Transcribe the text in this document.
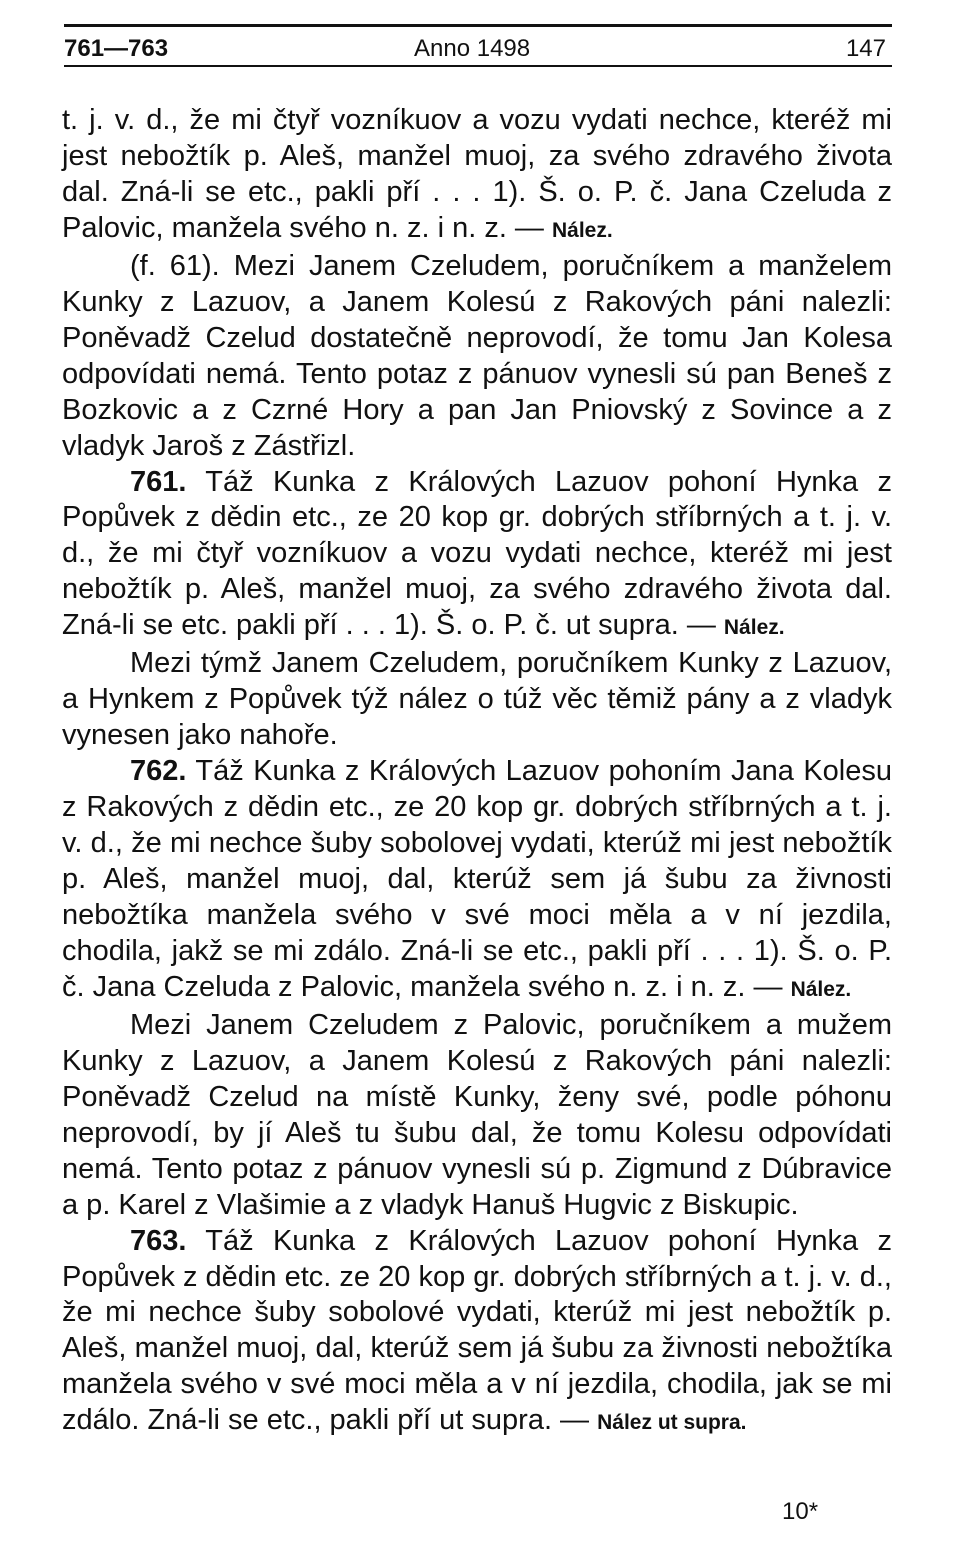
761—763	Anno 1498	147

t. j. v. d., že mi čtyř vozníkuov a vozu vydati nechce, kteréž mi jest nebožtík p. Aleš, manžel muoj, za svého zdravého života dal. Zná-li se etc., pakli pří . . . 1). Š. o. P. č. Jana Czeluda z Palovic, manžela svého n. z. i n. z. — Nález.

(f. 61). Mezi Janem Czeludem, poručníkem a manželem Kunky z Lazuov, a Janem Kolesú z Rakových páni nalezli: Poněvadž Czelud dostatečně neprovodí, že tomu Jan Kolesa odpovídati nemá. Tento potaz z pánuov vynesli sú pan Beneš z Bozkovic a z Czrné Hory a pan Jan Pniovský z Sovince a z vladyk Jaroš z Zástřizl.

761. Táž Kunka z Králových Lazuov pohoní Hynka z Popůvek z dědin etc., ze 20 kop gr. dobrých stříbrných a t. j. v. d., že mi čtyř vozníkuov a vozu vydati nechce, kteréž mi jest nebožtík p. Aleš, manžel muoj, za svého zdravého života dal. Zná-li se etc. pakli pří . . . 1). Š. o. P. č. ut supra. — Nález.

Mezi týmž Janem Czeludem, poručníkem Kunky z Lazuov, a Hynkem z Popůvek týž nález o túž věc těmiž pány a z vladyk vynesen jako nahoře.

762. Táž Kunka z Králových Lazuov pohoním Jana Kolesu z Rakových z dědin etc., ze 20 kop gr. dobrých stříbrných a t. j. v. d., že mi nechce šuby sobolovej vydati, kterúž mi jest nebožtík p. Aleš, manžel muoj, dal, kterúž sem já šubu za živnosti nebožtíka manžela svého v své moci měla a v ní jezdila, chodila, jakž se mi zdálo. Zná-li se etc., pakli pří . . . 1). Š. o. P. č. Jana Czeluda z Palovic, manžela svého n. z. i n. z. — Nález.

Mezi Janem Czeludem z Palovic, poručníkem a mužem Kunky z Lazuov, a Janem Kolesú z Rakových páni nalezli: Poněvadž Czelud na místě Kunky, ženy své, podle póhonu neprovodí, by jí Aleš tu šubu dal, že tomu Kolesu odpovídati nemá. Tento potaz z pánuov vynesli sú p. Zigmund z Dúbravice a p. Karel z Vlašimie a z vladyk Hanuš Hugvic z Biskupic.

763. Táž Kunka z Králových Lazuov pohoní Hynka z Popůvek z dědin etc. ze 20 kop gr. dobrých stříbrných a t. j. v. d., že mi nechce šuby sobolové vydati, kterúž mi jest nebožtík p. Aleš, manžel muoj, dal, kterúž sem já šubu za živnosti nebožtíka manžela svého v své moci měla a v ní jezdila, chodila, jak se mi zdálo. Zná-li se etc., pakli pří ut supra. — Nález ut supra.

10*
